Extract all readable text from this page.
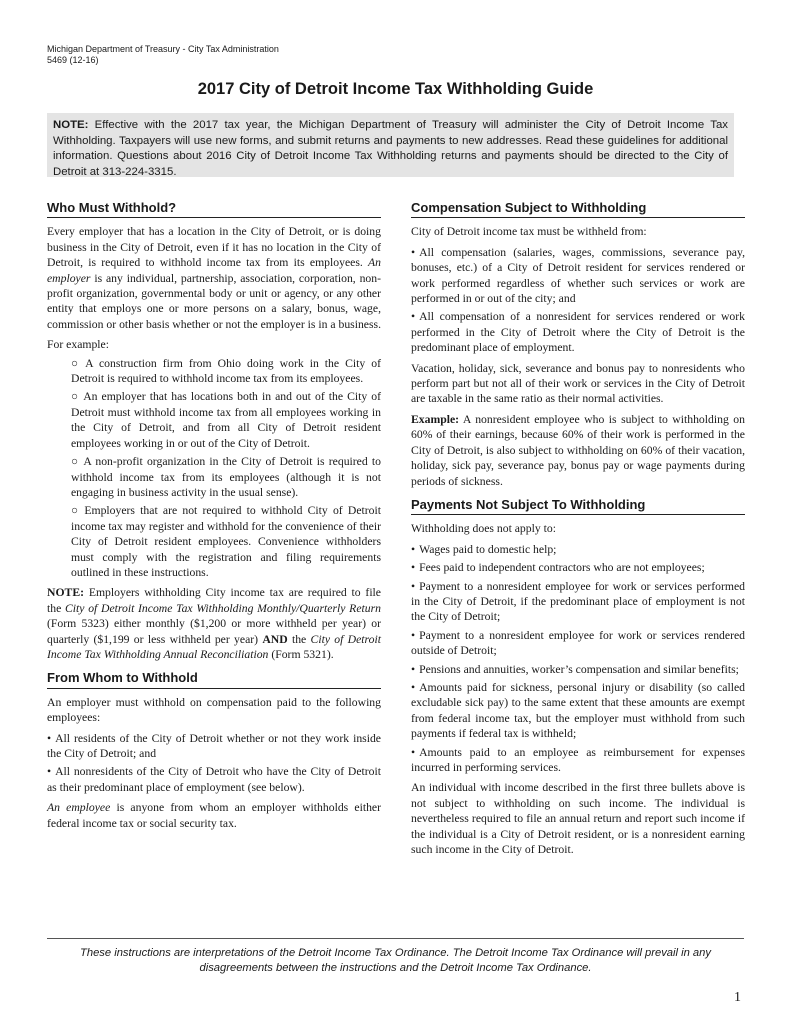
Michigan Department of Treasury - City Tax Administration
5469 (12-16)
2017 City of Detroit Income Tax Withholding Guide
NOTE: Effective with the 2017 tax year, the Michigan Department of Treasury will administer the City of Detroit Income Tax Withholding. Taxpayers will use new forms, and submit returns and payments to new addresses. Read these guidelines for additional information. Questions about 2016 City of Detroit Income Tax Withholding returns and payments should be directed to the City of Detroit at 313-224-3315.
Who Must Withhold?

Every employer that has a location in the City of Detroit, or is doing business in the City of Detroit, even if it has no location in the City of Detroit, is required to withhold income tax from its employees. An employer is any individual, partnership, association, corporation, non-profit organization, governmental body or unit or agency, or any other entity that employs one or more persons on a salary, bonus, wage, commission or other basis whether or not the employer is in a business.

For example:

○ A construction firm from Ohio doing work in the City of Detroit is required to withhold income tax from its employees.

○ An employer that has locations both in and out of the City of Detroit must withhold income tax from all employees working in the City of Detroit, and from all City of Detroit resident employees working in or out of the City of Detroit.

○ A non-profit organization in the City of Detroit is required to withhold income tax from its employees (although it is not engaging in business activity in the usual sense).

○ Employers that are not required to withhold City of Detroit income tax may register and withhold for the convenience of their City of Detroit resident employees. Convenience withholders must comply with the registration and filing requirements outlined in these instructions.

NOTE: Employers withholding City income tax are required to file the City of Detroit Income Tax Withholding Monthly/Quarterly Return (Form 5323) either monthly ($1,200 or more withheld per year) or quarterly ($1,199 or less withheld per year) AND the City of Detroit Income Tax Withholding Annual Reconciliation (Form 5321).

From Whom to Withhold

An employer must withhold on compensation paid to the following employees:

• All residents of the City of Detroit whether or not they work inside the City of Detroit; and

• All nonresidents of the City of Detroit who have the City of Detroit as their predominant place of employment (see below).

An employee is anyone from whom an employer withholds either federal income tax or social security tax.

Compensation Subject to Withholding

City of Detroit income tax must be withheld from:

• All compensation (salaries, wages, commissions, severance pay, bonuses, etc.) of a City of Detroit resident for services rendered or work performed regardless of whether such services or work are performed in or out of the city; and

• All compensation of a nonresident for services rendered or work performed in the City of Detroit where the City of Detroit is the predominant place of employment.

Vacation, holiday, sick, severance and bonus pay to nonresidents who perform part but not all of their work or services in the City of Detroit are taxable in the same ratio as their normal activities.

Example: A nonresident employee who is subject to withholding on 60% of their earnings, because 60% of their work is performed in the City of Detroit, is also subject to withholding on 60% of their vacation, holiday, sick pay, severance pay, bonus pay or wage payments during periods of sickness.

Payments Not Subject To Withholding

Withholding does not apply to:

• Wages paid to domestic help;

• Fees paid to independent contractors who are not employees;

• Payment to a nonresident employee for work or services performed in the City of Detroit, if the predominant place of employment is not the City of Detroit;

• Payment to a nonresident employee for work or services rendered outside of Detroit;

• Pensions and annuities, worker’s compensation and similar benefits;

• Amounts paid for sickness, personal injury or disability (so called excludable sick pay) to the same extent that these amounts are exempt from federal income tax, but the employer must withhold from such payments if federal tax is withheld;

• Amounts paid to an employee as reimbursement for expenses incurred in performing services.

An individual with income described in the first three bullets above is not subject to withholding on such income. The individual is nevertheless required to file an annual return and report such income if the individual is a City of Detroit resident, or is a nonresident earning such income in the City of Detroit.

These instructions are interpretations of the Detroit Income Tax Ordinance. The Detroit Income Tax Ordinance will prevail in any disagreements between the instructions and the Detroit Income Tax Ordinance.
1
